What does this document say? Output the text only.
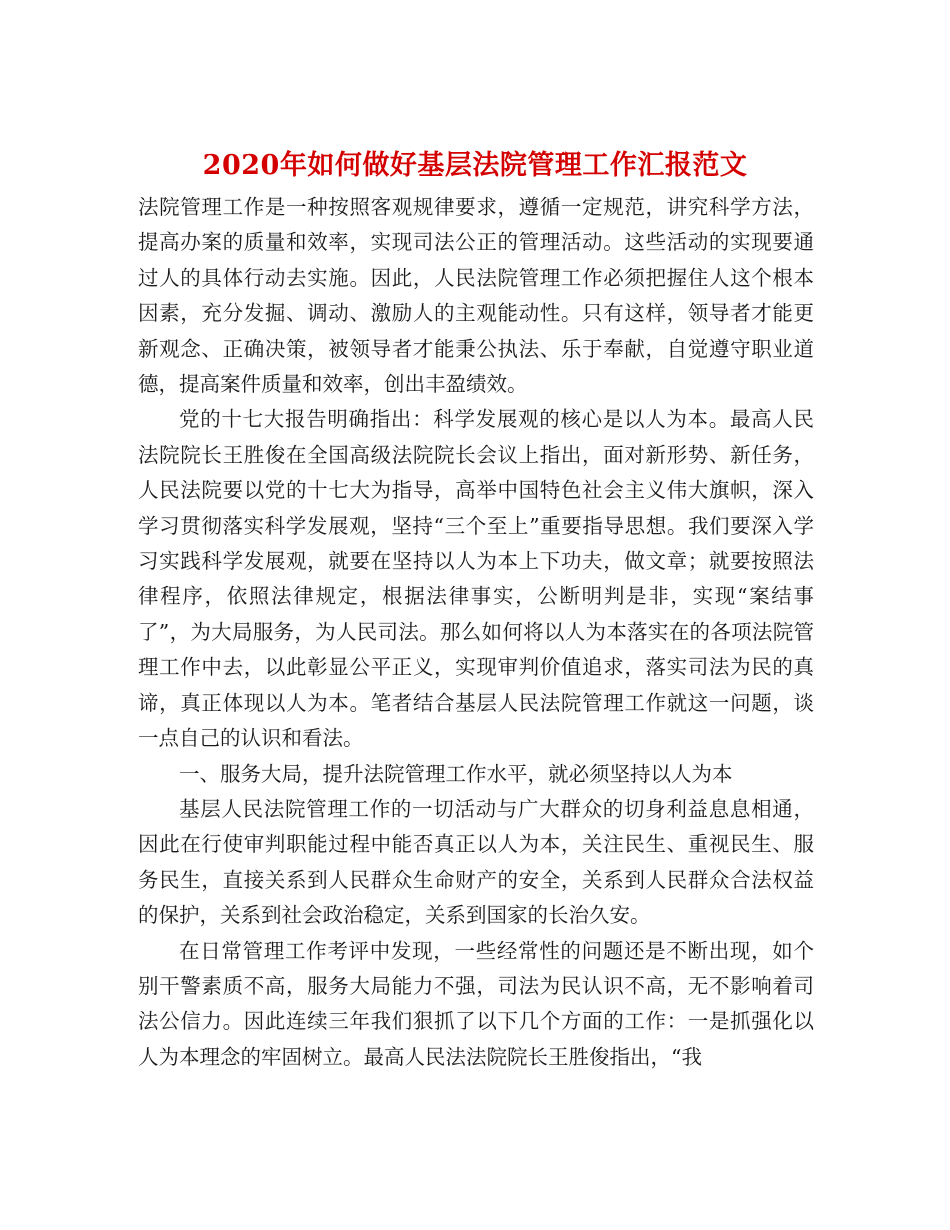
2020年如何做好基层法院管理工作汇报范文

法院管理工作是一种按照客观规律要求，遵循一定规范，讲究科学方法，提高办案的质量和效率，实现司法公正的管理活动。这些活动的实现要通过人的具体行动去实施。因此，人民法院管理工作必须把握住人这个根本因素，充分发掘、调动、激励人的主观能动性。只有这样，领导者才能更新观念、正确决策，被领导者才能秉公执法、乐于奉献，自觉遵守职业道德，提高案件质量和效率，创出丰盈绩效。

党的十七大报告明确指出：科学发展观的核心是以人为本。最高人民法院院长王胜俊在全国高级法院院长会议上指出，面对新形势、新任务，人民法院要以党的十七大为指导，高举中国特色社会主义伟大旗帜，深入学习贯彻落实科学发展观，坚持“三个至上”重要指导思想。我们要深入学习实践科学发展观，就要在坚持以人为本上下功夫，做文章；就要按照法律程序，依照法律规定，根据法律事实，公断明判是非，实现“案结事了”，为大局服务，为人民司法。那么如何将以人为本落实在的各项法院管理工作中去，以此彰显公平正义，实现审判价值追求，落实司法为民的真谛，真正体现以人为本。笔者结合基层人民法院管理工作就这一问题，谈一点自己的认识和看法。

一、服务大局，提升法院管理工作水平，就必须坚持以人为本

基层人民法院管理工作的一切活动与广大群众的切身利益息息相通，因此在行使审判职能过程中能否真正以人为本，关注民生、重视民生、服务民生，直接关系到人民群众生命财产的安全，关系到人民群众合法权益的保护，关系到社会政治稳定，关系到国家的长治久安。

在日常管理工作考评中发现，一些经常性的问题还是不断出现，如个别干警素质不高，服务大局能力不强，司法为民认识不高，无不影响着司法公信力。因此连续三年我们狠抓了以下几个方面的工作：一是抓强化以人为本理念的牢固树立。最高人民法法院院长王胜俊指出，“我
